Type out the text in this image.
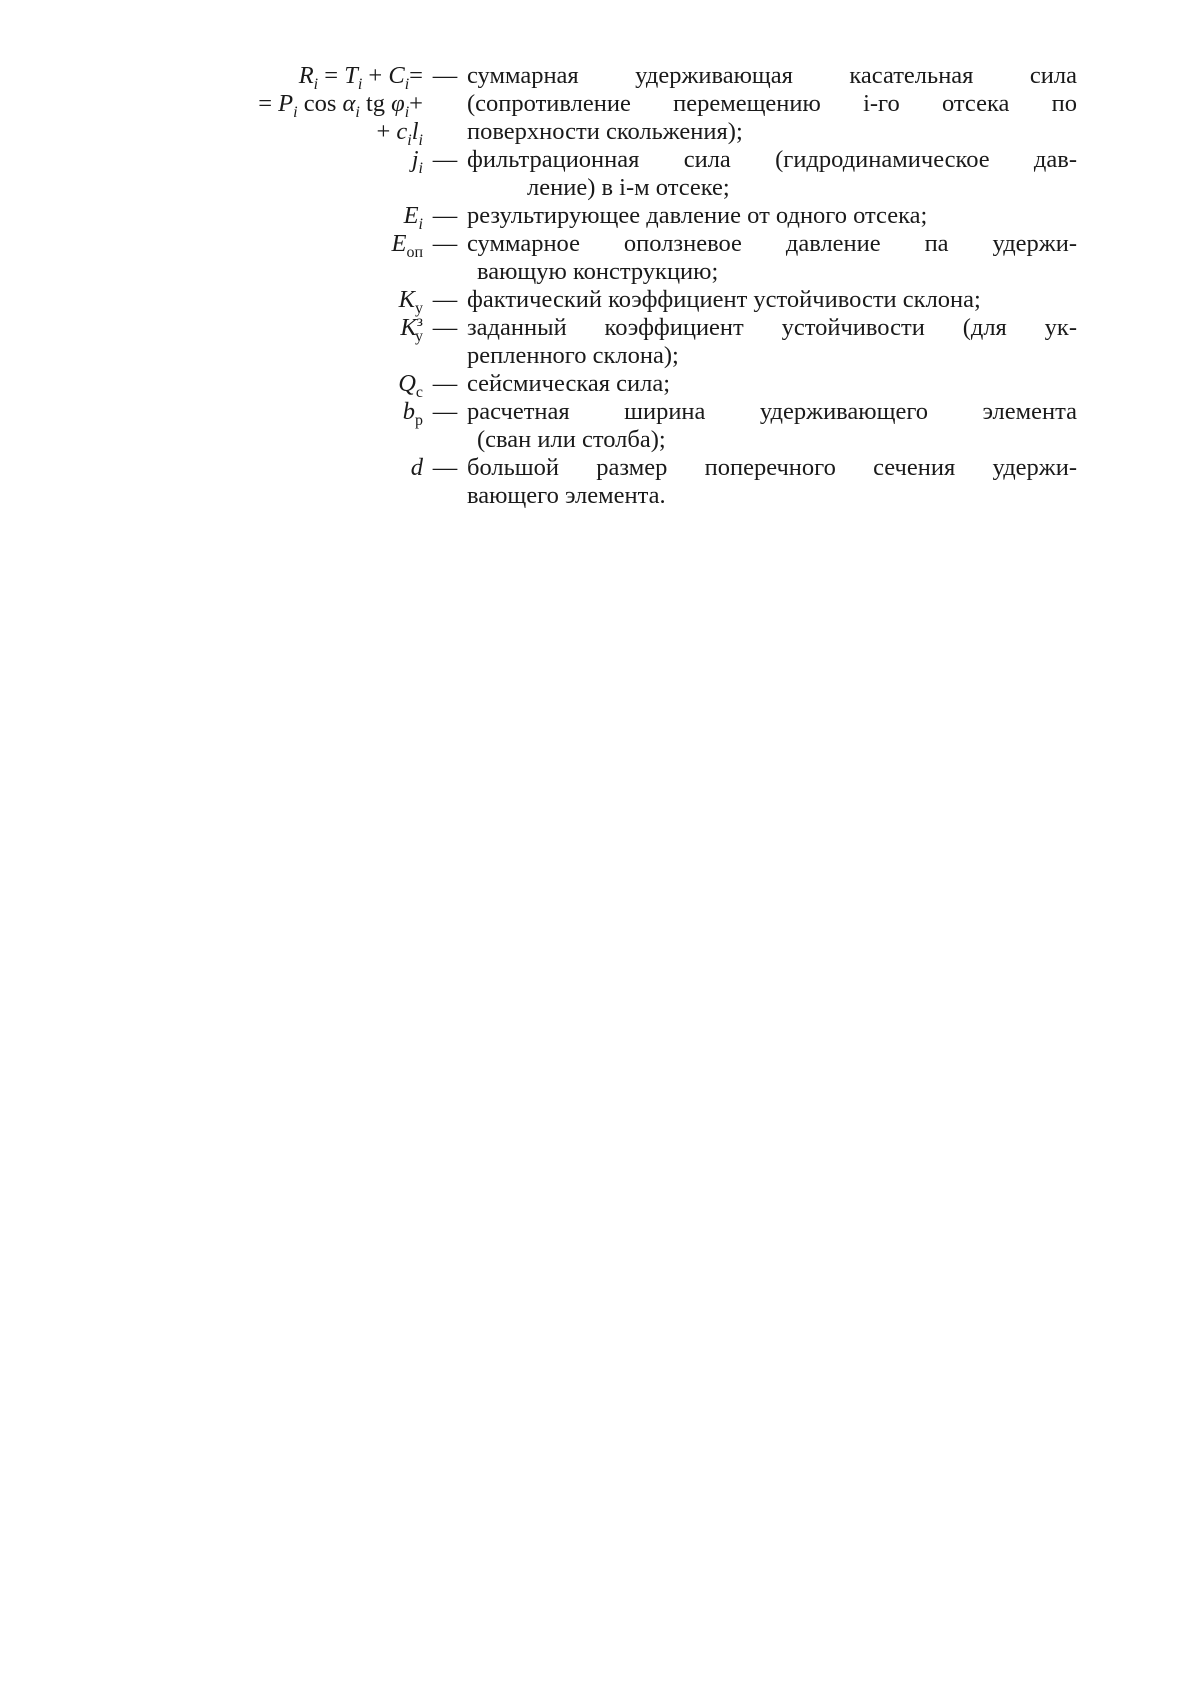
$R_i = T_i + C_i=$
= $P_i$ $\cos \alpha_i$ tg $\varphi_i+$
+ $c_il_i$
— суммарная удерживающая касательная сила
(сопротивление перемещению i-го отсека по
поверхности скольжения);
$j_i$ — фильтрационная сила (гидродинамическое дав-
ление) в i-м отсеке;
$E_i$ — результирующее давление от одного отсека;
$E_{оп}$ — суммарное оползневое давление па удержи-
вающую конструкцию;
$K_у$ — фактический коэффициент устойчивости склона;
$K^з_у$ — заданный коэффициент устойчивости (для ук-
репленного склона);
$Q_с$ — сейсмическая сила;
$b_р$ — расчетная ширина удерживающего элемента
(сван или столба);
d — большой размер поперечного сечения удержи-
вающего элемента.
